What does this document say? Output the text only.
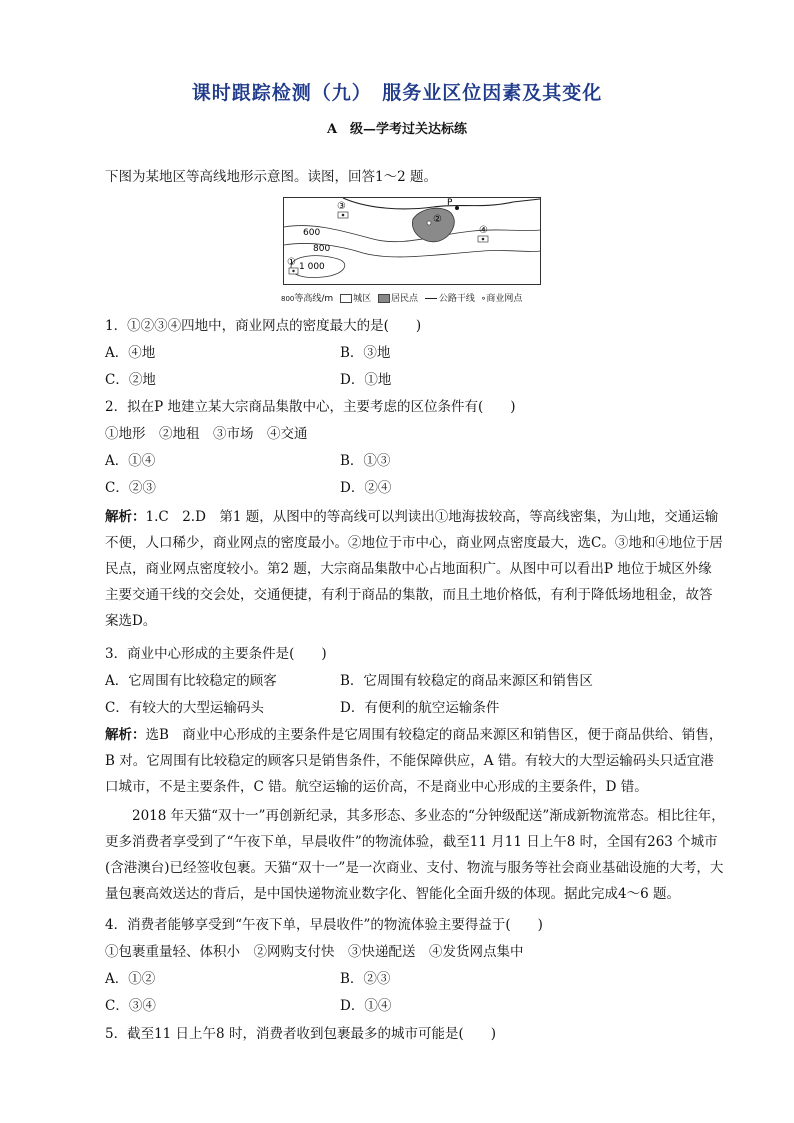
课时跟踪检测（九）　服务业区位因素及其变化
A　级—学考过关达标练
下图为某地区等高线地形示意图。读图，回答1～2 题。
P
②
③
④
①
600
800
1 000
800等高线/m 城区 居民点 公路干线 ∘商业网点
1．①②③④四地中，商业网点的密度最大的是(　　)
A．④地	B．③地
C．②地	D．①地
2．拟在P 地建立某大宗商品集散中心，主要考虑的区位条件有(　　)
①地形　②地租　③市场　④交通
A．①④	B．①③
C．②③	D．②④
解析：1.C　2.D　第1 题，从图中的等高线可以判读出①地海拔较高，等高线密集，为山地，交通运输不便，人口稀少，商业网点的密度最小。②地位于市中心，商业网点密度最大，选C。③地和④地位于居民点，商业网点密度较小。第2 题，大宗商品集散中心占地面积广。从图中可以看出P 地位于城区外缘主要交通干线的交会处，交通便捷，有利于商品的集散，而且土地价格低，有利于降低场地租金，故答案选D。
3．商业中心形成的主要条件是(　　)
A．它周围有比较稳定的顾客	B．它周围有较稳定的商品来源区和销售区
C．有较大的大型运输码头	D．有便利的航空运输条件
解析：选B　商业中心形成的主要条件是它周围有较稳定的商品来源区和销售区，便于商品供给、销售，B 对。它周围有比较稳定的顾客只是销售条件，不能保障供应，A 错。有较大的大型运输码头只适宜港口城市，不是主要条件，C 错。航空运输的运价高，不是商业中心形成的主要条件，D 错。
2018 年天猫“双十一”再创新纪录，其多形态、多业态的“分钟级配送”渐成新物流常态。相比往年，更多消费者享受到了“午夜下单，早晨收件”的物流体验，截至11 月11 日上午8 时，全国有263 个城市(含港澳台)已经签收包裹。天猫“双十一”是一次商业、支付、物流与服务等社会商业基础设施的大考，大量包裹高效送达的背后，是中国快递物流业数字化、智能化全面升级的体现。据此完成4～6 题。
4．消费者能够享受到“午夜下单，早晨收件”的物流体验主要得益于(　　)
①包裹重量轻、体积小　②网购支付快　③快递配送　④发货网点集中
A．①②	B．②③
C．③④	D．①④
5．截至11 日上午8 时，消费者收到包裹最多的城市可能是(　　)
